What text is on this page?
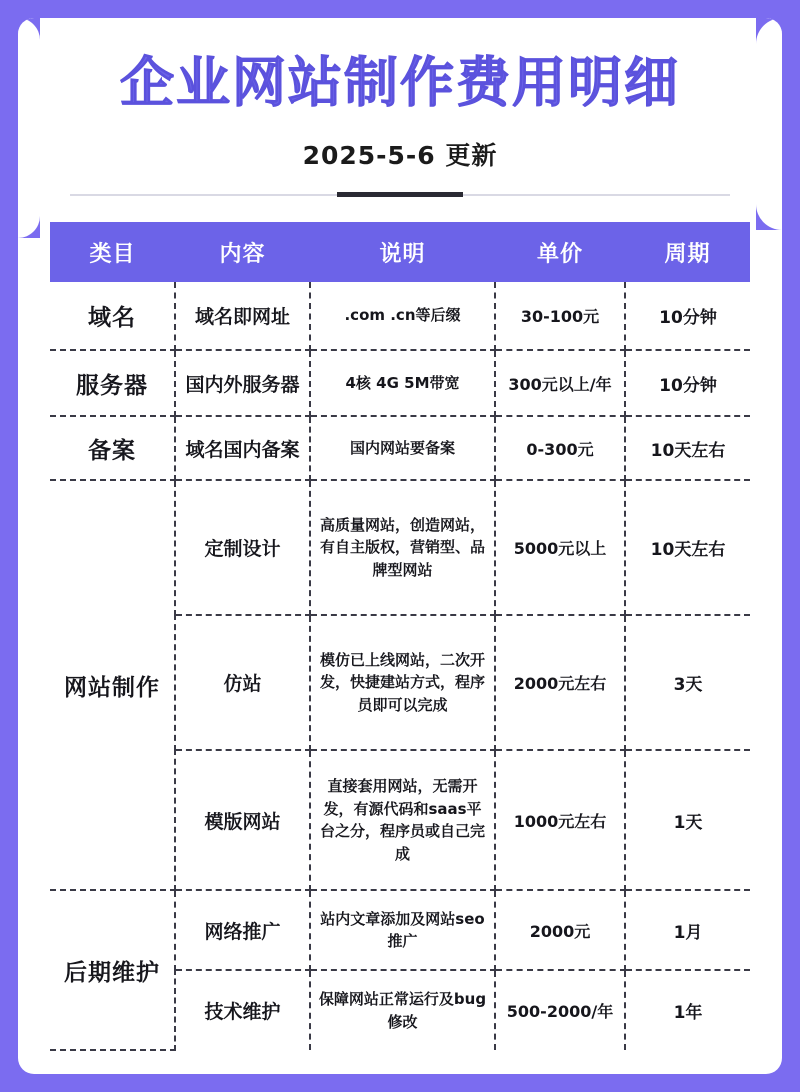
企业网站制作费用明细
2025-5-6 更新
类目	内容	说明	单价	周期
域名	域名即网址	.com .cn等后缀	30-100元	10分钟
服务器	国内外服务器	4核 4G 5M带宽	300元以上/年	10分钟
备案	域名国内备案	国内网站要备案	0-300元	10天左右
网站制作	定制设计	高质量网站，创造网站，有自主版权，营销型、品牌型网站	5000元以上	10天左右
	仿站	模仿已上线网站，二次开发，快捷建站方式，程序员即可以完成	2000元左右	3天
	模版网站	直接套用网站，无需开发，有源代码和saas平台之分，程序员或自己完成	1000元左右	1天
后期维护	网络推广	站内文章添加及网站seo推广	2000元	1月
	技术维护	保障网站正常运行及bug修改	500-2000/年	1年
